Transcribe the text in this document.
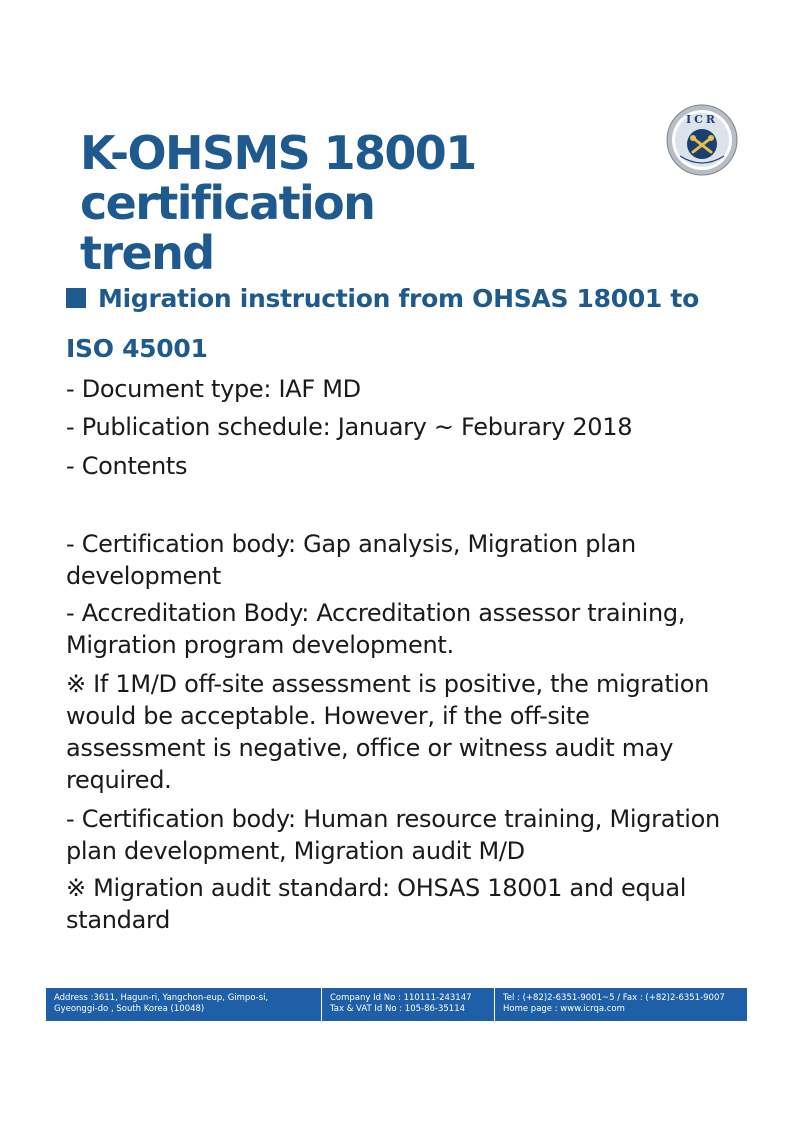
K-OHSMS 18001 certification
trend
ICR
Migration instruction from OHSAS 18001 to ISO 45001
- Document type: IAF MD
- Publication schedule: January ~ Feburary 2018
- Contents

- Certification body: Gap analysis, Migration plan development

- Accreditation Body: Accreditation assessor training, Migration program development.

※ If 1M/D off-site assessment is positive, the migration would be acceptable. However, if the off-site assessment is negative, office or witness audit may required.

- Certification body: Human resource training, Migration plan development, Migration audit M/D

※ Migration audit standard: OHSAS 18001 and equal standard

Address :3611, Hagun-ri, Yangchon-eup, Gimpo-si,
Gyeonggi-do , South Korea (10048)
Company Id No : 110111-243147
Tax & VAT Id No : 105-86-35114
Tel : (+82)2-6351-9001~5 / Fax : (+82)2-6351-9007
Home page : www.icrqa.com
